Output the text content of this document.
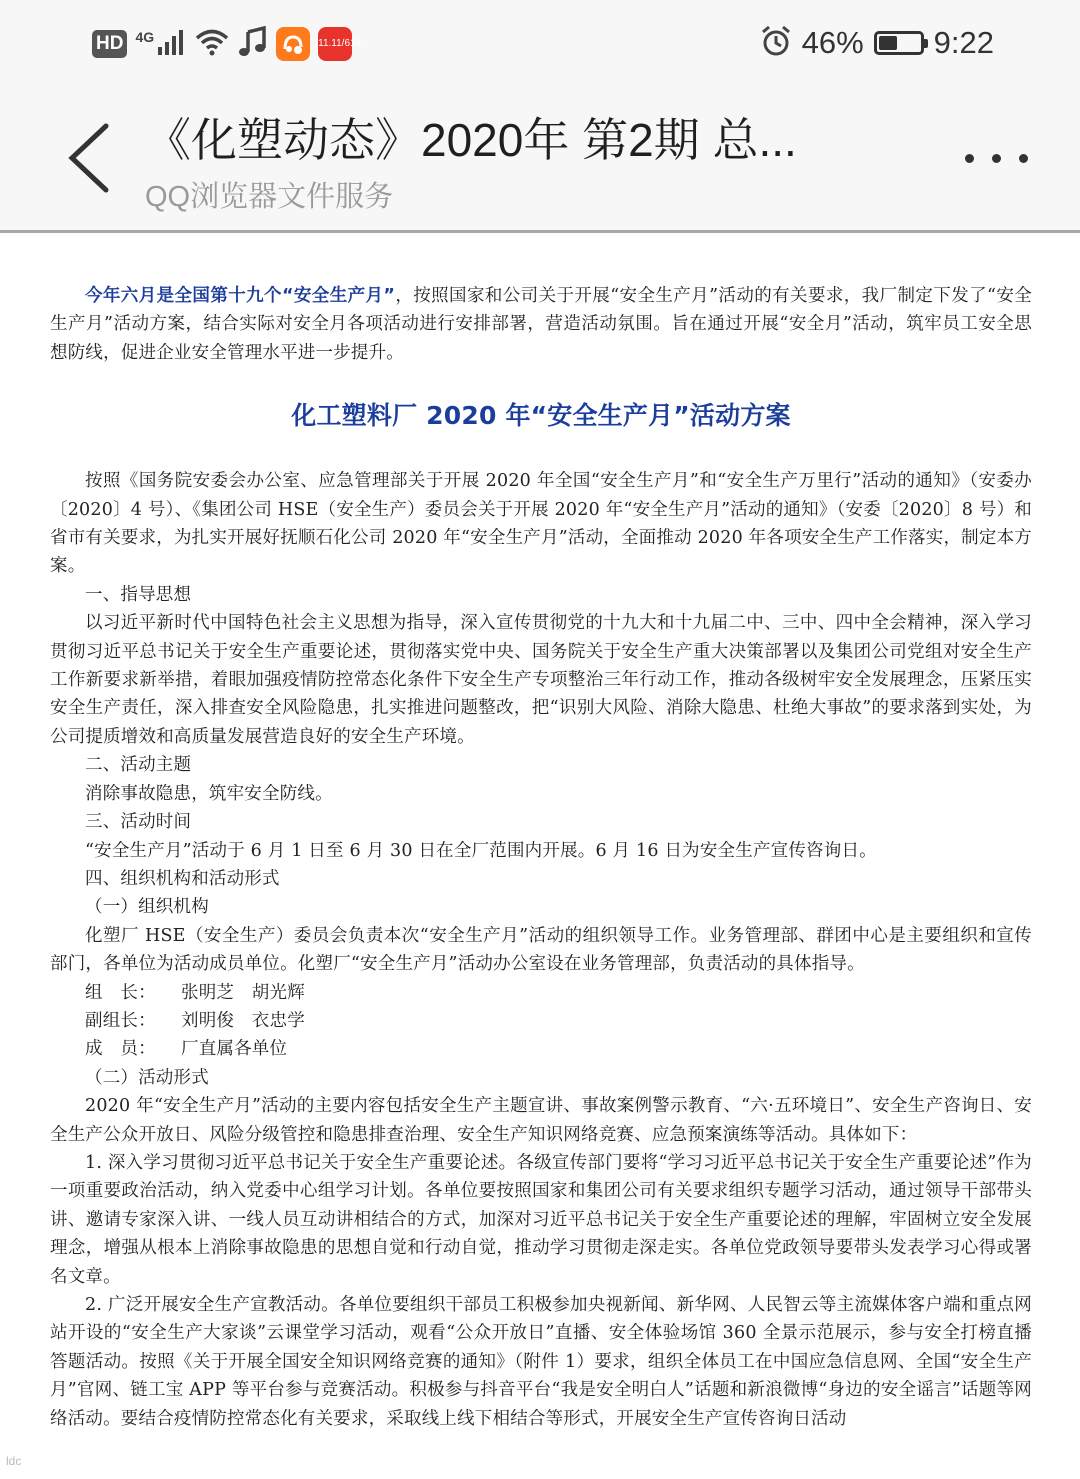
HD 4G	11.11/618	46% 9:22
《化塑动态》2020年 第2期 总...
QQ浏览器文件服务

今年六月是全国第十九个“安全生产月”，按照国家和公司关于开展“安全生产月”活动的有关要求，我厂制定下发了“安全生产月”活动方案，结合实际对安全月各项活动进行安排部署，营造活动氛围。旨在通过开展“安全月”活动，筑牢员工安全思想防线，促进企业安全管理水平进一步提升。

化工塑料厂 2020 年“安全生产月”活动方案

按照《国务院安委会办公室、应急管理部关于开展 2020 年全国“安全生产月”和“安全生产万里行”活动的通知》（安委办〔2020〕4 号）、《集团公司 HSE（安全生产）委员会关于开展 2020 年“安全生产月”活动的通知》（安委〔2020〕8 号）和省市有关要求，为扎实开展好抚顺石化公司 2020 年“安全生产月”活动，全面推动 2020 年各项安全生产工作落实，制定本方案。

一、指导思想

以习近平新时代中国特色社会主义思想为指导，深入宣传贯彻党的十九大和十九届二中、三中、四中全会精神，深入学习贯彻习近平总书记关于安全生产重要论述，贯彻落实党中央、国务院关于安全生产重大决策部署以及集团公司党组对安全生产工作新要求新举措，着眼加强疫情防控常态化条件下安全生产专项整治三年行动工作，推动各级树牢安全发展理念，压紧压实安全生产责任，深入排查安全风险隐患，扎实推进问题整改，把“识别大风险、消除大隐患、杜绝大事故”的要求落到实处，为公司提质增效和高质量发展营造良好的安全生产环境。

二、活动主题

消除事故隐患，筑牢安全防线。

三、活动时间

“安全生产月”活动于 6 月 1 日至 6 月 30 日在全厂范围内开展。6 月 16 日为安全生产宣传咨询日。

四、组织机构和活动形式

（一）组织机构

化塑厂 HSE（安全生产）委员会负责本次“安全生产月”活动的组织领导工作。业务管理部、群团中心是主要组织和宣传部门，各单位为活动成员单位。化塑厂“安全生产月”活动办公室设在业务管理部，负责活动的具体指导。

组　长：	张明芝　胡光辉
副组长：	刘明俊　衣忠学
成　员：	厂直属各单位

（二）活动形式

2020 年“安全生产月”活动的主要内容包括安全生产主题宣讲、事故案例警示教育、“六·五环境日”、安全生产咨询日、安全生产公众开放日、风险分级管控和隐患排查治理、安全生产知识网络竞赛、应急预案演练等活动。具体如下：

1. 深入学习贯彻习近平总书记关于安全生产重要论述。各级宣传部门要将“学习习近平总书记关于安全生产重要论述”作为一项重要政治活动，纳入党委中心组学习计划。各单位要按照国家和集团公司有关要求组织专题学习活动，通过领导干部带头讲、邀请专家深入讲、一线人员互动讲相结合的方式，加深对习近平总书记关于安全生产重要论述的理解，牢固树立安全发展理念，增强从根本上消除事故隐患的思想自觉和行动自觉，推动学习贯彻走深走实。各单位党政领导要带头发表学习心得或署名文章。

2. 广泛开展安全生产宣教活动。各单位要组织干部员工积极参加央视新闻、新华网、人民智云等主流媒体客户端和重点网站开设的“安全生产大家谈”云课堂学习活动，观看“公众开放日”直播、安全体验场馆 360 全景示范展示，参与安全打榜直播答题活动。按照《关于开展全国安全知识网络竞赛的通知》（附件 1）要求，组织全体员工在中国应急信息网、全国“安全生产月”官网、链工宝 APP 等平台参与竞赛活动。积极参与抖音平台“我是安全明白人”话题和新浪微博“身边的安全谣言”话题等网络活动。要结合疫情防控常态化有关要求，采取线上线下相结合等形式，开展安全生产宣传咨询日活动

ldc
